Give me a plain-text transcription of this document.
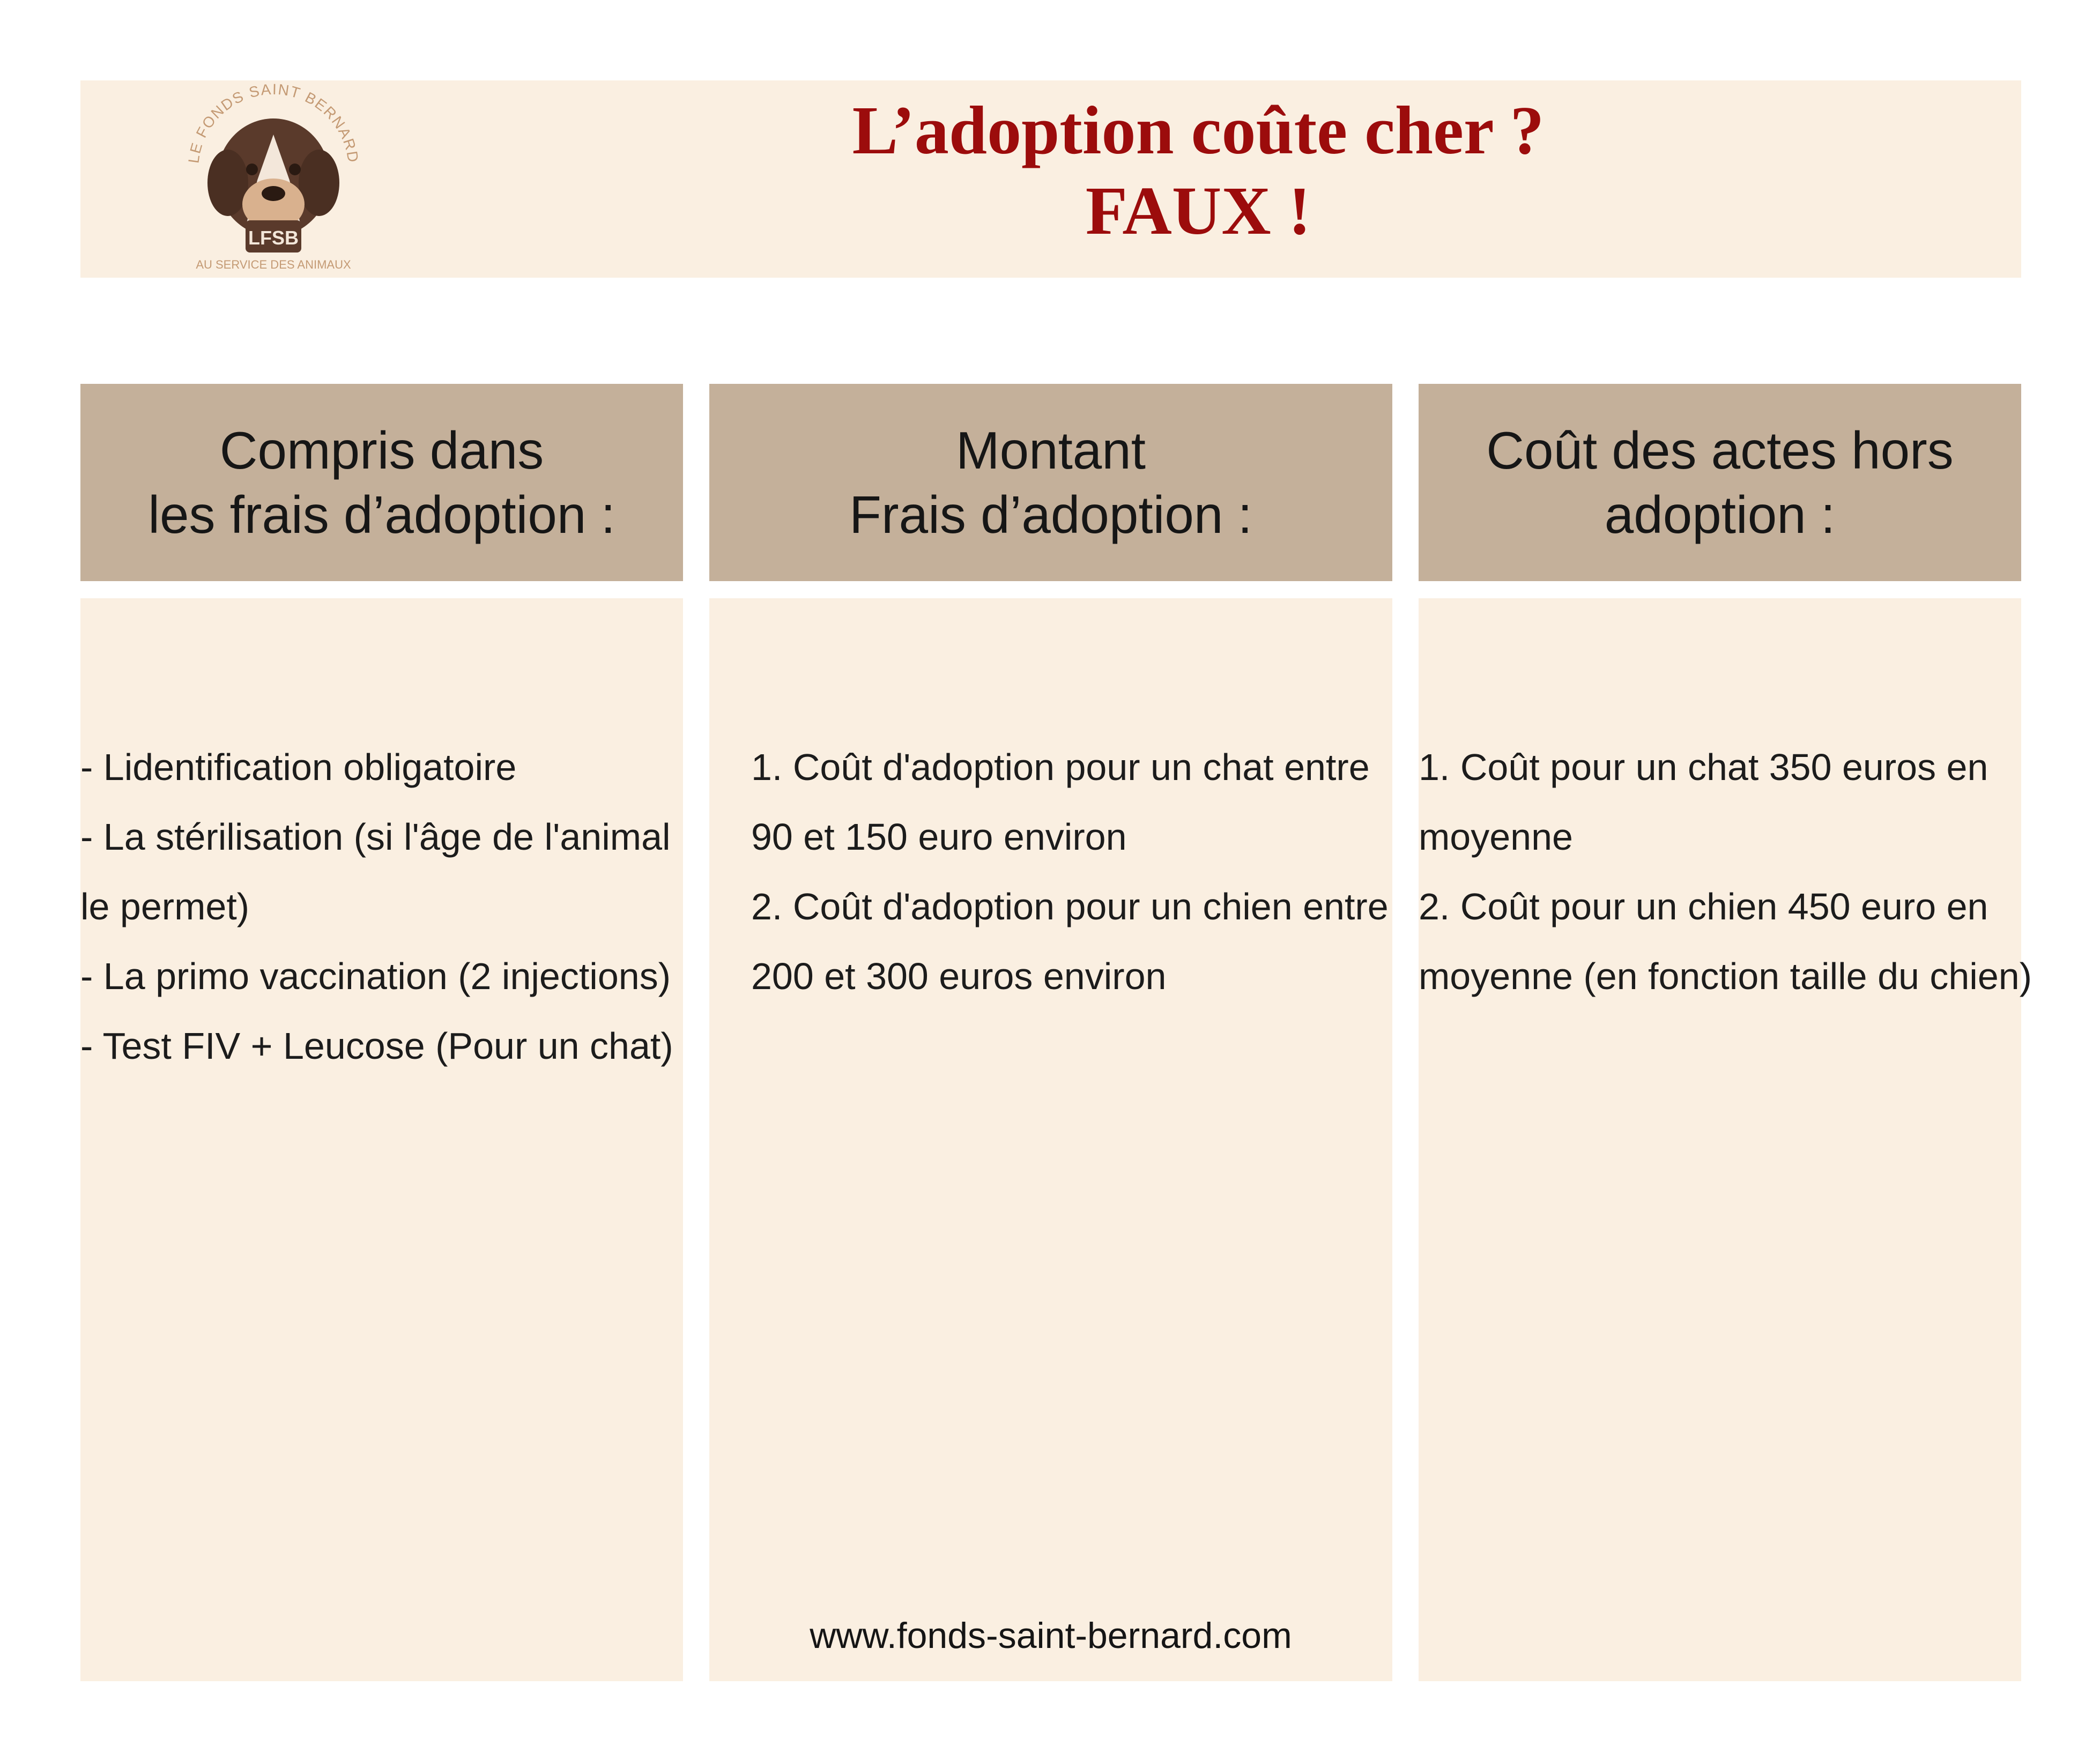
LE FONDS SAINT BERNARD
LFSB
AU SERVICE DES ANIMAUX
L’adoption coûte cher ?
FAUX !
Compris dans
les frais d’adoption :
- Lidentification obligatoire
- La stérilisation (si l'âge de l'animal
le permet)
- La primo vaccination (2 injections)
- Test FIV + Leucose (Pour un chat)
Montant
Frais d’adoption :
1. Coût d'adoption pour un chat entre
90 et 150 euro environ
2. Coût d'adoption pour un chien entre
200 et 300 euros environ
www.fonds-saint-bernard.com
Coût des actes hors
adoption :
1. Coût pour un chat 350 euros en
moyenne
2. Coût pour un chien 450 euro en
moyenne (en fonction taille du chien)
